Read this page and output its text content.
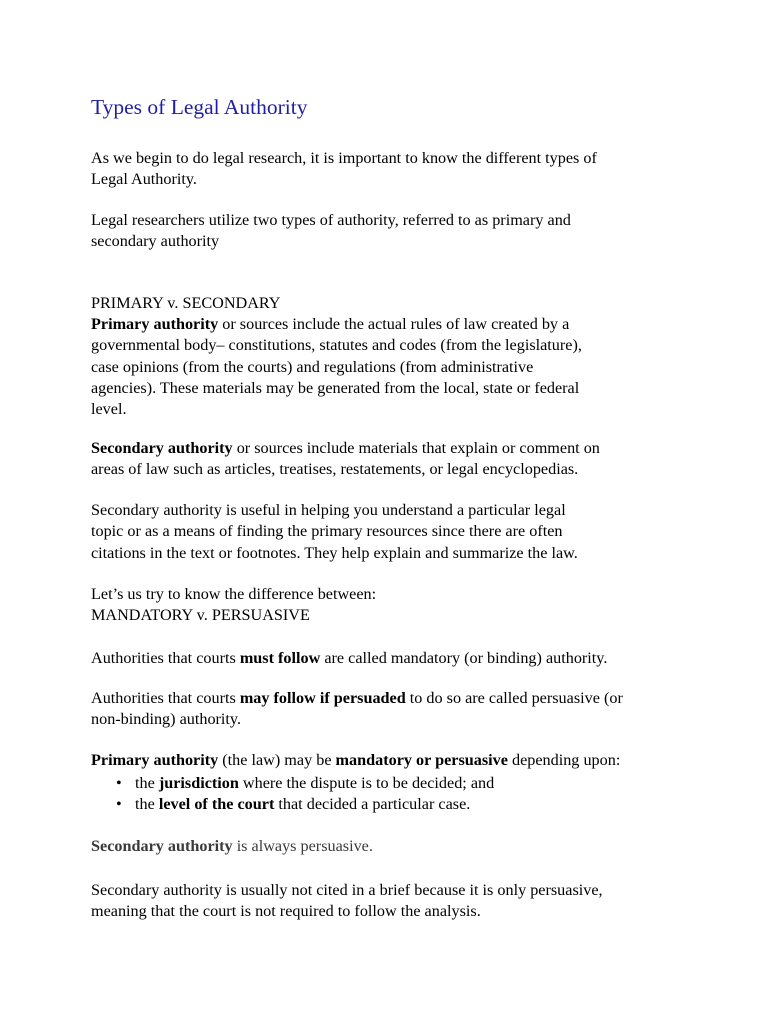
Types of Legal Authority

As we begin to do legal research, it is important to know the different types of
Legal Authority.

Legal researchers utilize two types of authority, referred to as primary and
secondary authority

PRIMARY v. SECONDARY

Primary authority or sources include the actual rules of law created by a
governmental body– constitutions, statutes and codes (from the legislature),
case opinions (from the courts) and regulations (from administrative
agencies). These materials may be generated from the local, state or federal
level.

Secondary authority or sources include materials that explain or comment on
areas of law such as articles, treatises, restatements, or legal encyclopedias.

Secondary authority is useful in helping you understand a particular legal
topic or as a means of finding the primary resources since there are often
citations in the text or footnotes. They help explain and summarize the law.

Let’s us try to know the difference between:
MANDATORY v. PERSUASIVE

Authorities that courts must follow are called mandatory (or binding) authority.

Authorities that courts may follow if persuaded to do so are called persuasive (or
non-binding) authority.

Primary authority (the law) may be mandatory or persuasive depending upon:

• the jurisdiction where the dispute is to be decided; and
• the level of the court that decided a particular case.

Secondary authority is always persuasive.

Secondary authority is usually not cited in a brief because it is only persuasive,
meaning that the court is not required to follow the analysis.
